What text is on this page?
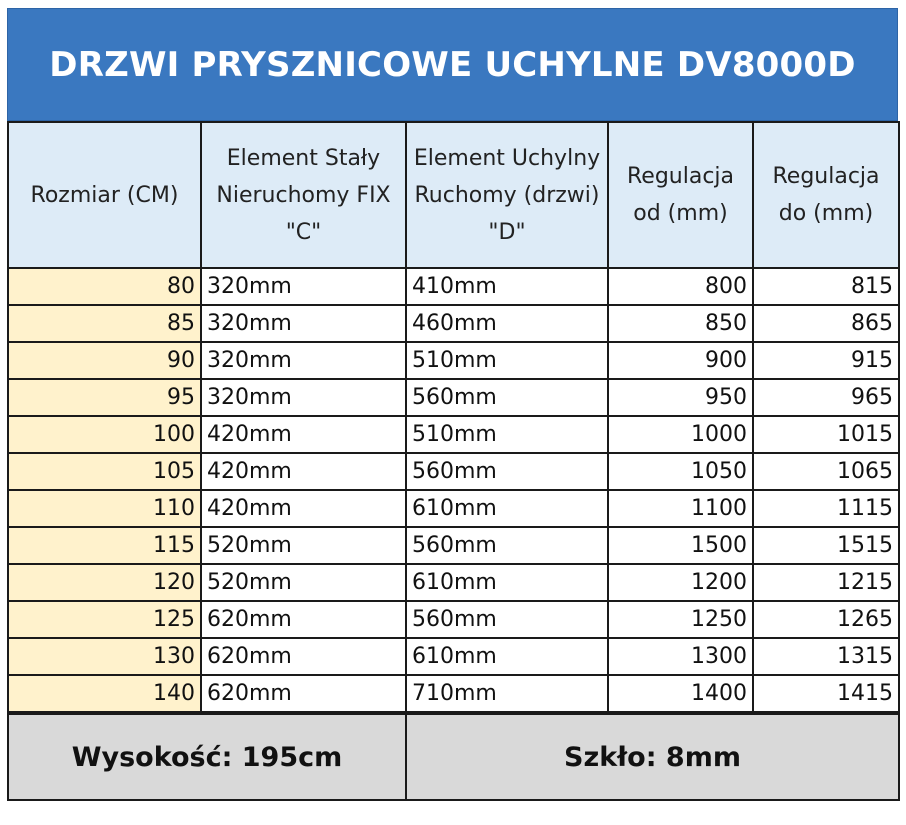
DRZWI PRYSZNICOWE UCHYLNE DV8000D
Rozmiar (CM)	Element Stały Nieruchomy FIX "C"	Element Uchylny Ruchomy (drzwi) "D"	Regulacja od (mm)	Regulacja do (mm)
80	320mm	410mm	800	815
85	320mm	460mm	850	865
90	320mm	510mm	900	915
95	320mm	560mm	950	965
100	420mm	510mm	1000	1015
105	420mm	560mm	1050	1065
110	420mm	610mm	1100	1115
115	520mm	560mm	1500	1515
120	520mm	610mm	1200	1215
125	620mm	560mm	1250	1265
130	620mm	610mm	1300	1315
140	620mm	710mm	1400	1415
Wysokość: 195cm	Szkło: 8mm
